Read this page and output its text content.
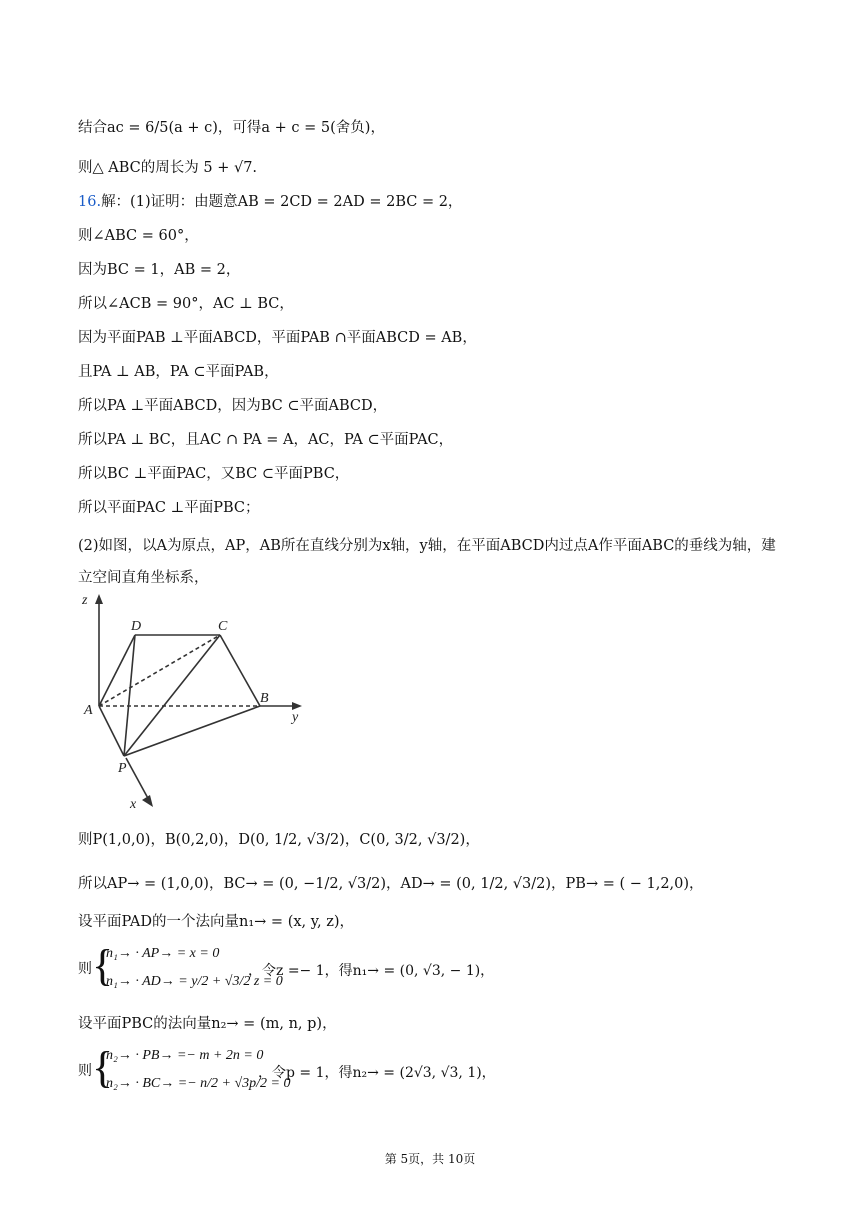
结合ac = 6/5(a + c)，可得a + c = 5(舍负)，
则△ ABC的周长为 5 + √7.
16.解：(1)证明：由题意AB = 2CD = 2AD = 2BC = 2，
则∠ABC = 60°，
因为BC = 1，AB = 2，
所以∠ACB = 90°，AC ⊥ BC，
因为平面PAB ⊥平面ABCD，平面PAB ∩平面ABCD = AB，
且PA ⊥ AB，PA ⊂平面PAB，
所以PA ⊥平面ABCD，因为BC ⊂平面ABCD，
所以PA ⊥ BC，且AC ∩ PA = A，AC，PA ⊂平面PAC，
所以BC ⊥平面PAC，又BC ⊂平面PBC，
所以平面PAC ⊥平面PBC；
(2)如图，以A为原点，AP，AB所在直线分别为x轴，y轴，在平面ABCD内过点A作平面ABC的垂线为轴，建立空间直角坐标系，
z
y
x
A
B
C
D
P
则P(1,0,0)，B(0,2,0)，D(0, 1/2, √3/2)，C(0, 3/2, √3/2)，
所以AP→ = (1,0,0)，BC→ = (0, −1/2, √3/2)，AD→ = (0, 1/2, √3/2)，PB→ = ( − 1,2,0)，
设平面PAD的一个法向量n₁→ = (x, y, z)，
则 {
n₁→ · AP→ = x = 0
n₁→ · AD→ = y/2 + √3/2 z = 0
，令z =− 1，得n₁→ = (0, √3, − 1)，
设平面PBC的法向量n₂→ = (m, n, p)，
则 {
n₂→ · PB→ =− m + 2n = 0
n₂→ · BC→ =− n/2 + √3p/2 = 0
，令p = 1，得n₂→ = (2√3, √3, 1)，
第 5页，共 10页
